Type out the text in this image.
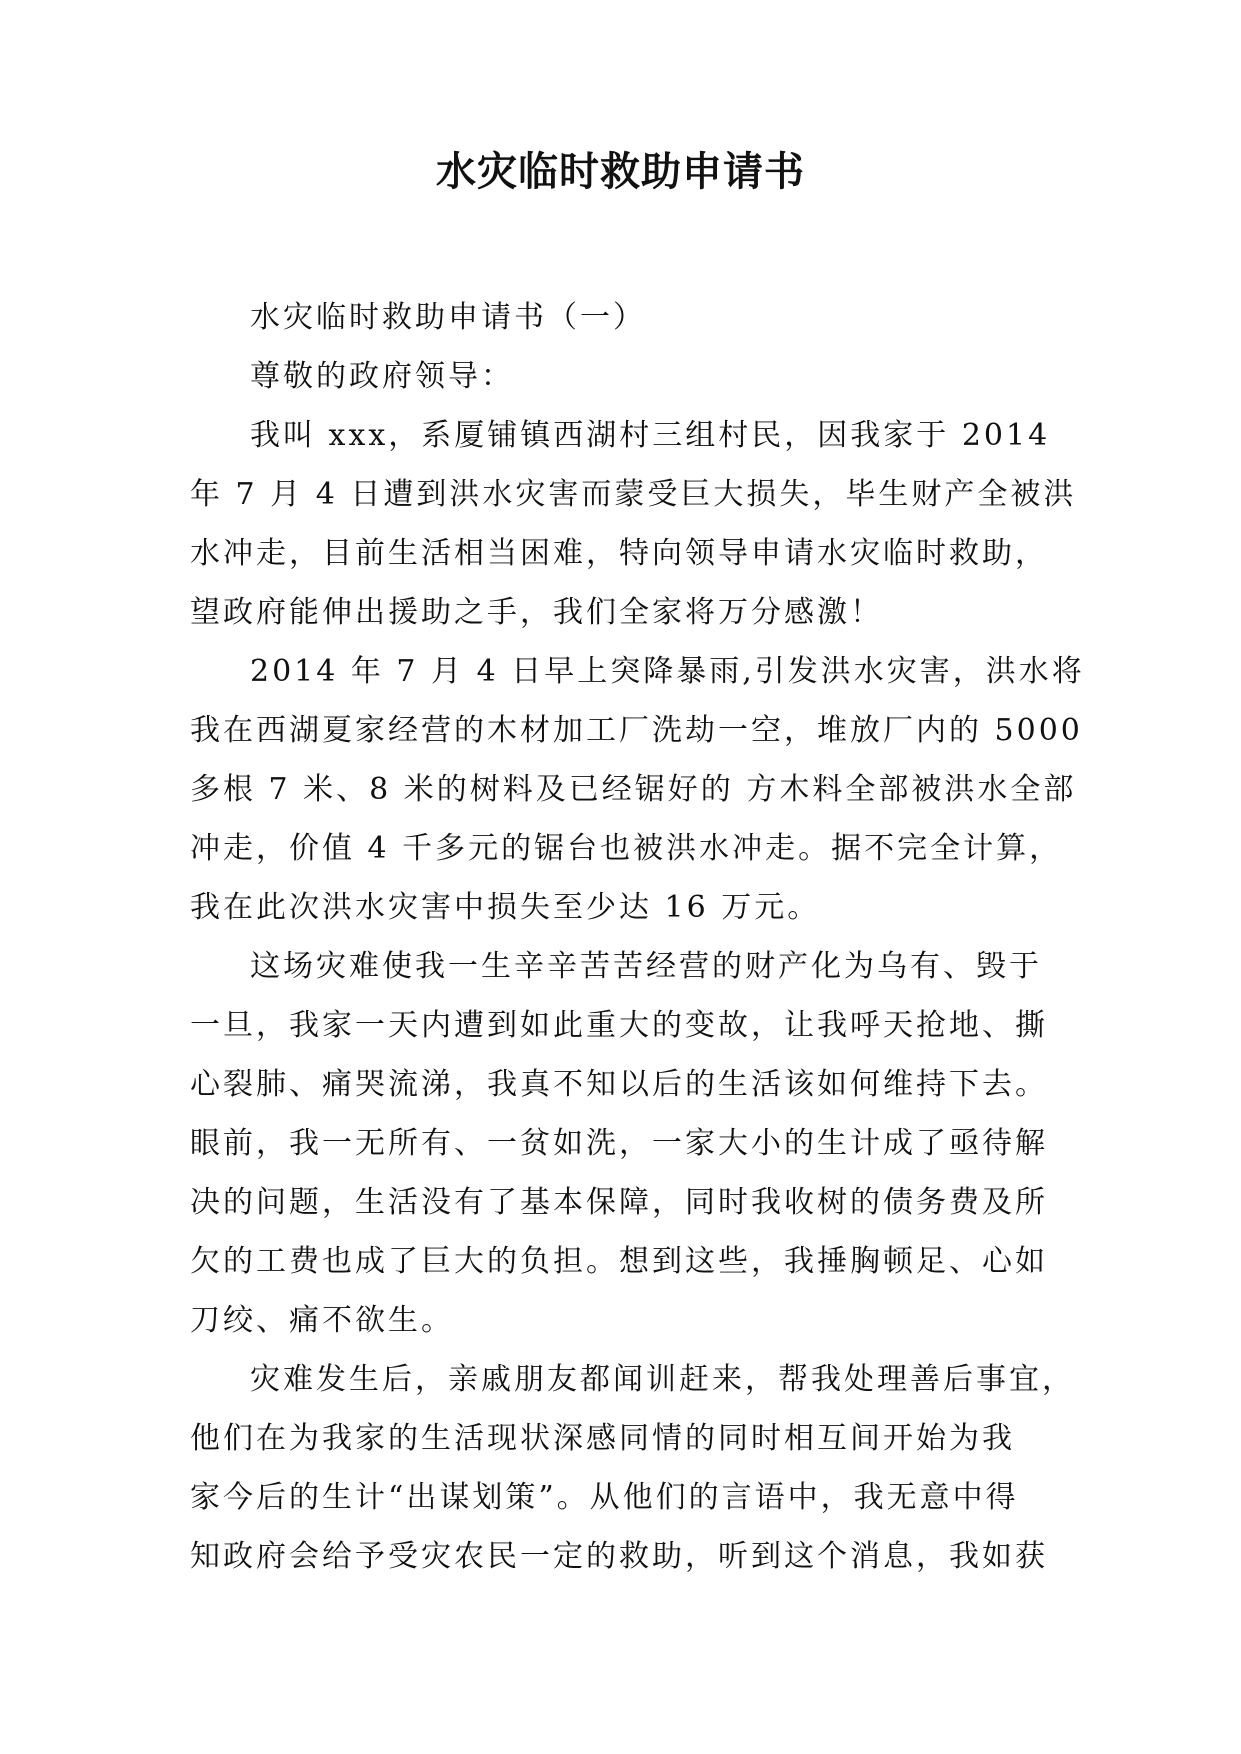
水灾临时救助申请书

水灾临时救助申请书（一）

尊敬的政府领导：

我叫 xxx，系厦铺镇西湖村三组村民，因我家于 2014
年 7 月 4 日遭到洪水灾害而蒙受巨大损失，毕生财产全被洪
水冲走，目前生活相当困难，特向领导申请水灾临时救助，
望政府能伸出援助之手，我们全家将万分感激！

2014 年 7 月 4 日早上突降暴雨,引发洪水灾害，洪水将
我在西湖夏家经营的木材加工厂洗劫一空，堆放厂内的 5000
多根 7 米、8 米的树料及已经锯好的 方木料全部被洪水全部
冲走，价值 4 千多元的锯台也被洪水冲走。据不完全计算，
我在此次洪水灾害中损失至少达 16 万元。

这场灾难使我一生辛辛苦苦经营的财产化为乌有、毁于
一旦，我家一天内遭到如此重大的变故，让我呼天抢地、撕
心裂肺、痛哭流涕，我真不知以后的生活该如何维持下去。
眼前，我一无所有、一贫如洗，一家大小的生计成了亟待解
决的问题，生活没有了基本保障，同时我收树的债务费及所
欠的工费也成了巨大的负担。想到这些，我捶胸顿足、心如
刀绞、痛不欲生。

灾难发生后，亲戚朋友都闻训赶来，帮我处理善后事宜，
他们在为我家的生活现状深感同情的同时相互间开始为我
家今后的生计“出谋划策”。从他们的言语中，我无意中得
知政府会给予受灾农民一定的救助，听到这个消息，我如获
